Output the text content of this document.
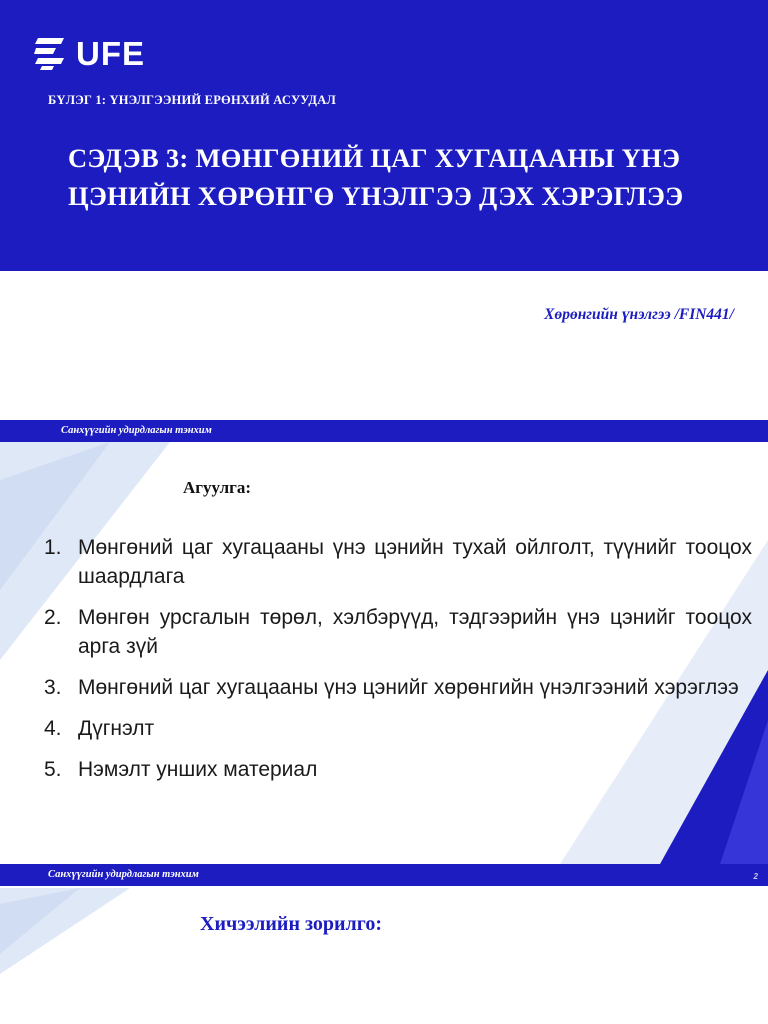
UFE
БҮЛЭГ 1: ҮНЭЛГЭЭНИЙ ЕРӨНХИЙ АСУУДАЛ
СЭДЭВ 3: МӨНГӨНИЙ ЦАГ ХУГАЦААНЫ ҮНЭ
ЦЭНИЙН ХӨРӨНГӨ ҮНЭЛГЭЭ ДЭХ ХЭРЭГЛЭЭ
Хөрөнгийн үнэлгээ /FIN441/
Санхүүгийн удирдлагын тэнхим
Агуулга:
1. Мөнгөний цаг хугацааны үнэ цэнийн тухай ойлголт, түүнийг тооцох шаардлага
2. Мөнгөн урсгалын төрөл, хэлбэрүүд, тэдгээрийн үнэ цэнийг тооцох арга зүй
3. Мөнгөний цаг хугацааны үнэ цэнийг хөрөнгийн үнэлгээний хэрэглээ
4. Дүгнэлт
5. Нэмэлт унших материал
Санхүүгийн удирдлагын тэнхим	2
Хичээлийн зорилго:
